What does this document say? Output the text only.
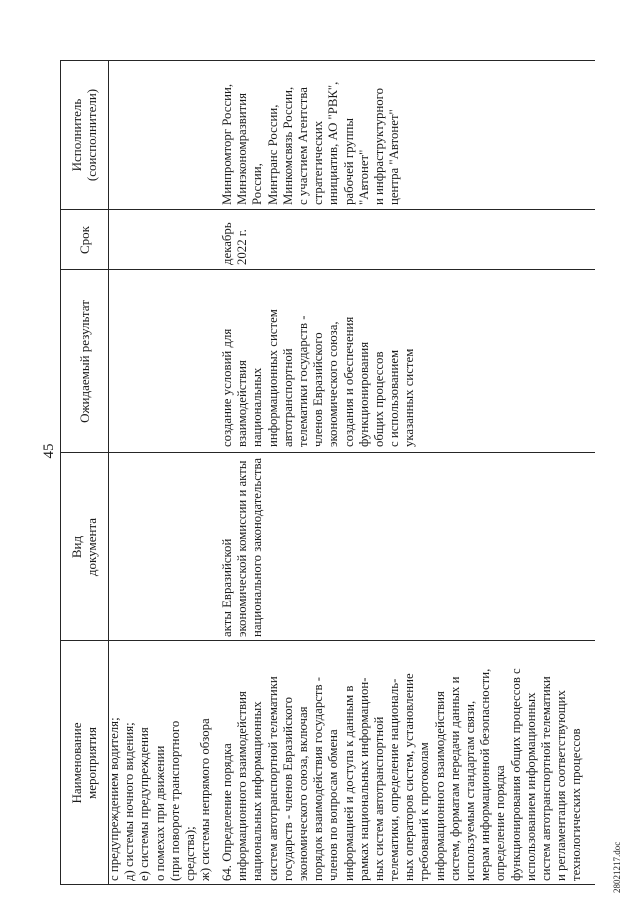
45
Наименование мероприятия
Вид документа
Ожидаемый результат
Срок
Исполнитель (соисполнители)
с предупреждением водителя; д) системы ночного видения; е) системы предупреждения о помехах при движении (при повороте транспортного средства); ж) системы непрямого обзора 64. Определение порядка информационного взаимодействия национальных информационных систем автотранспортной телематики государств - членов Евразийского экономического союза, включая порядок взаимодействия государств - членов по вопросам обмена информацией и доступа к данным в рамках национальных информацион- ных систем автотранспортной телематики, определение националь- ных операторов систем, установление требований к протоколам информационного взаимодействия систем, форматам передачи данных и используемым стандартам связи, мерам информационной безопасности, определение порядка функционирования общих процессов с использованием информационных систем автотранспортной телематики и регламентация соответствующих технологических процессов
акты Евразийской экономической комиссии и акты национального законодательства
создание условий для взаимодействия национальных информационных систем автотранспортной телематики государств - членов Евразийского экономического союза, создания и обеспечения функционирования общих процессов с использованием указанных систем
декабрь 2022 г.
Минпромторг России, Минэкономразвития России, Минтранс России, Минкомсвязь России, с участием Агентства стратегических инициатив, АО "РВК", рабочей группы "Автонет" и инфраструктурного центра "Автонет"
28021217.doc
